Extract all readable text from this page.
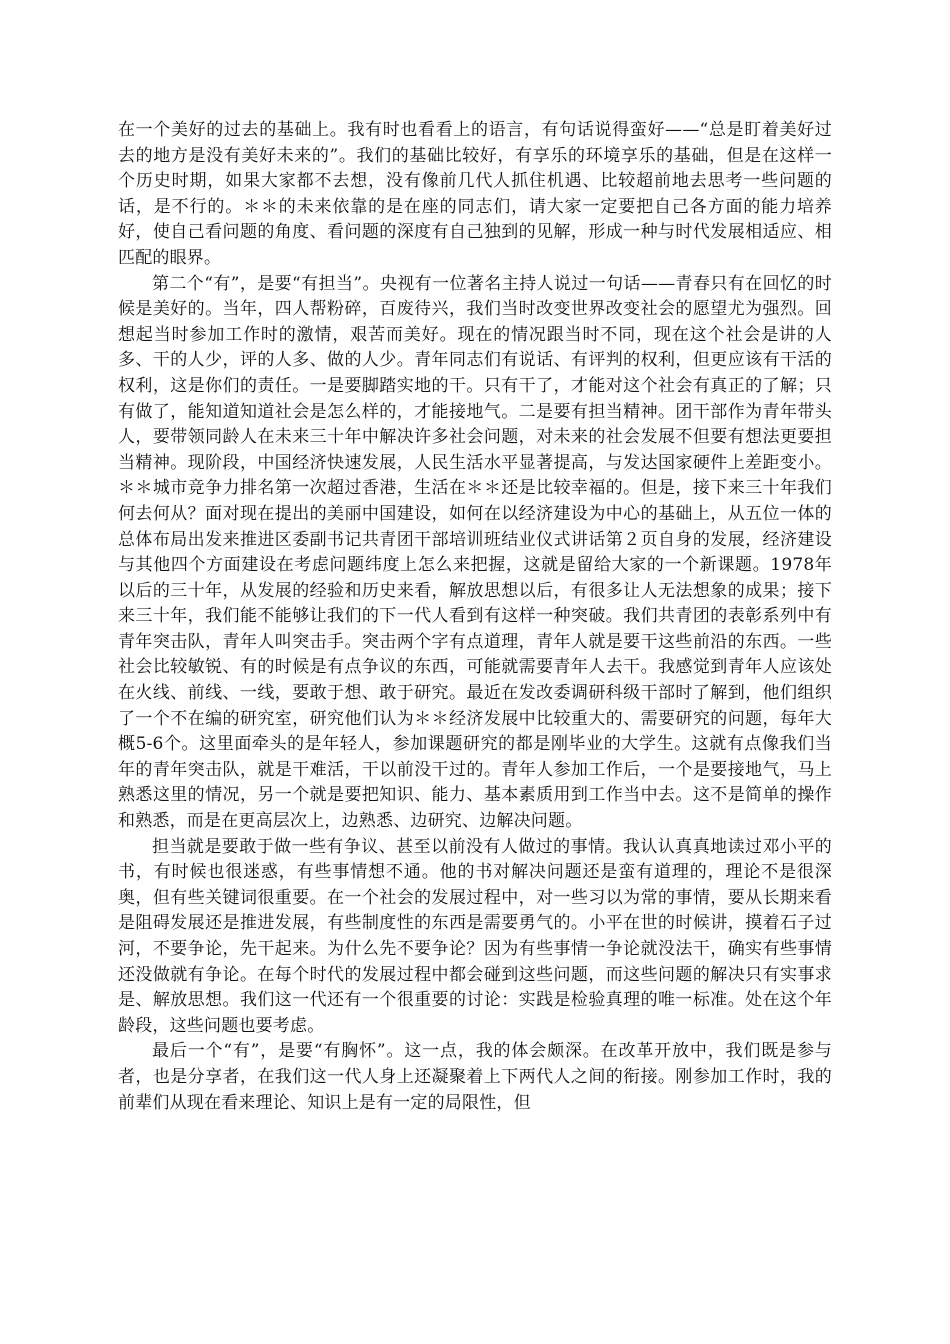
在一个美好的过去的基础上。我有时也看看上的语言，有句话说得蛮好——“总是盯着美好过去的地方是没有美好未来的”。我们的基础比较好，有享乐的环境享乐的基础，但是在这样一个历史时期，如果大家都不去想，没有像前几代人抓住机遇、比较超前地去思考一些问题的话，是不行的。＊＊的未来依靠的是在座的同志们，请大家一定要把自己各方面的能力培养好，使自己看问题的角度、看问题的深度有自己独到的见解，形成一种与时代发展相适应、相匹配的眼界。

第二个“有”，是要“有担当”。央视有一位著名主持人说过一句话——青春只有在回忆的时候是美好的。当年，四人帮粉碎，百废待兴，我们当时改变世界改变社会的愿望尤为强烈。回想起当时参加工作时的激情，艰苦而美好。现在的情况跟当时不同，现在这个社会是讲的人多、干的人少，评的人多、做的人少。青年同志们有说话、有评判的权利，但更应该有干活的权利，这是你们的责任。一是要脚踏实地的干。只有干了，才能对这个社会有真正的了解；只有做了，能知道知道社会是怎么样的，才能接地气。二是要有担当精神。团干部作为青年带头人，要带领同龄人在未来三十年中解决许多社会问题，对未来的社会发展不但要有想法更要担当精神。现阶段，中国经济快速发展，人民生活水平显著提高，与发达国家硬件上差距变小。＊＊城市竞争力排名第一次超过香港，生活在＊＊还是比较幸福的。但是，接下来三十年我们何去何从？面对现在提出的美丽中国建设，如何在以经济建设为中心的基础上，从五位一体的总体布局出发来推进区委副书记共青团干部培训班结业仪式讲话第２页自身的发展，经济建设与其他四个方面建设在考虑问题纬度上怎么来把握，这就是留给大家的一个新课题。1978年以后的三十年，从发展的经验和历史来看，解放思想以后，有很多让人无法想象的成果；接下来三十年，我们能不能够让我们的下一代人看到有这样一种突破。我们共青团的表彰系列中有青年突击队，青年人叫突击手。突击两个字有点道理，青年人就是要干这些前沿的东西。一些社会比较敏锐、有的时候是有点争议的东西，可能就需要青年人去干。我感觉到青年人应该处在火线、前线、一线，要敢于想、敢于研究。最近在发改委调研科级干部时了解到，他们组织了一个不在编的研究室，研究他们认为＊＊经济发展中比较重大的、需要研究的问题，每年大概5-6个。这里面牵头的是年轻人，参加课题研究的都是刚毕业的大学生。这就有点像我们当年的青年突击队，就是干难活，干以前没干过的。青年人参加工作后，一个是要接地气，马上熟悉这里的情况，另一个就是要把知识、能力、基本素质用到工作当中去。这不是简单的操作和熟悉，而是在更高层次上，边熟悉、边研究、边解决问题。

担当就是要敢于做一些有争议、甚至以前没有人做过的事情。我认认真真地读过邓小平的书，有时候也很迷惑，有些事情想不通。他的书对解决问题还是蛮有道理的，理论不是很深奥，但有些关键词很重要。在一个社会的发展过程中，对一些习以为常的事情，要从长期来看是阻碍发展还是推进发展，有些制度性的东西是需要勇气的。小平在世的时候讲，摸着石子过河，不要争论，先干起来。为什么先不要争论？因为有些事情一争论就没法干，确实有些事情还没做就有争论。在每个时代的发展过程中都会碰到这些问题，而这些问题的解决只有实事求是、解放思想。我们这一代还有一个很重要的讨论：实践是检验真理的唯一标准。处在这个年龄段，这些问题也要考虑。

最后一个“有”，是要“有胸怀”。这一点，我的体会颇深。在改革开放中，我们既是参与者，也是分享者，在我们这一代人身上还凝聚着上下两代人之间的衔接。刚参加工作时，我的前辈们从现在看来理论、知识上是有一定的局限性，但
